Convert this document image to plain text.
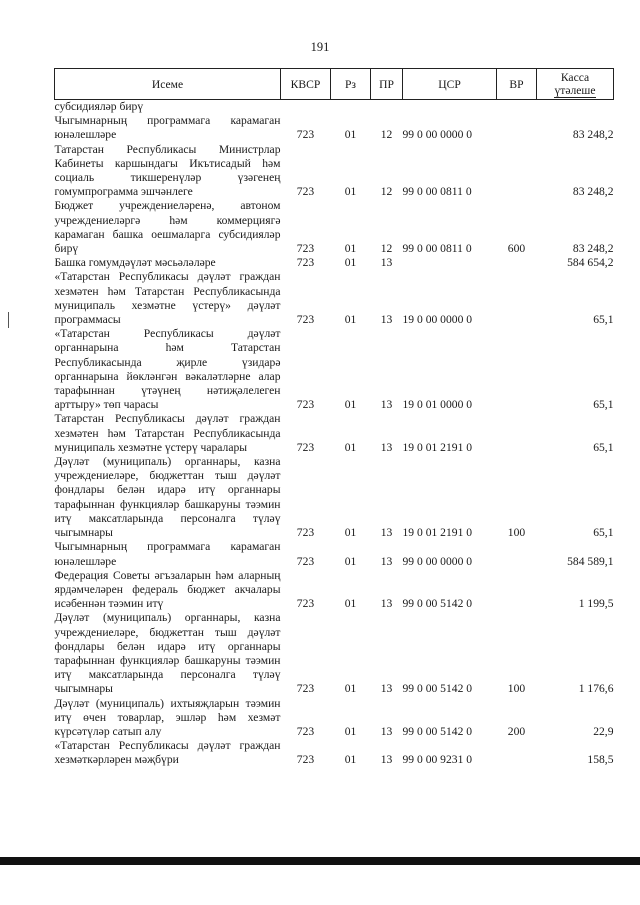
191
Исеме	КВСР	Рз	ПР	ЦСР	ВР	Касса
үтәлеше
субсидияләр бирү						
Чыгымнарның программага карамаган юнәлешләре	723	01	12	99 0 00 0000 0		83 248,2
Татарстан Республикасы Министрлар Кабинеты каршындагы Икътисадый һәм социаль тикшеренүләр үзәгенең гомумпрограмма эшчәнлеге	723	01	12	99 0 00 0811 0		83 248,2
Бюджет учреждениеләренә, автоном учреждениеләргә һәм коммерциягә карамаган башка оешмаларга субсидияләр бирү	723	01	12	99 0 00 0811 0	600	83 248,2
Башка гомумдәүләт мәсьәләләре	723	01	13			584 654,2
«Татарстан Республикасы дәүләт граждан хезмәтен һәм Татарстан Республикасында муниципаль хезмәтне үстерү» дәүләт программасы	723	01	13	19 0 00 0000 0		65,1
«Татарстан Республикасы дәүләт органнарына һәм Татарстан Республикасында җирле үзидарә органнарына йөкләнгән вәкаләтләрне алар тарафыннан үтәүнең нәтиҗәлелеген арттыру» төп чарасы	723	01	13	19 0 01 0000 0		65,1
Татарстан Республикасы дәүләт граждан хезмәтен һәм Татарстан Республикасында муниципаль хезмәтне үстерү чаралары	723	01	13	19 0 01 2191 0		65,1
Дәүләт (муниципаль) органнары, казна учреждениеләре, бюджеттан тыш дәүләт фондлары белән идарә итү органнары тарафыннан функцияләр башкаруны тәэмин итү максатларында персоналга түләү чыгымнары	723	01	13	19 0 01 2191 0	100	65,1
Чыгымнарның программага карамаган юнәлешләре	723	01	13	99 0 00 0000 0		584 589,1
Федерация Советы әгъзаларын һәм аларның ярдәмчеләрен федераль бюджет акчалары исәбеннән тәэмин итү	723	01	13	99 0 00 5142 0		1 199,5
Дәүләт (муниципаль) органнары, казна учреждениеләре, бюджеттан тыш дәүләт фондлары белән идарә итү органнары тарафыннан функцияләр башкаруны тәэмин итү максатларында персоналга түләү чыгымнары	723	01	13	99 0 00 5142 0	100	1 176,6
Дәүләт (муниципаль) ихтыяҗларын тәэмин итү өчен товарлар, эшләр һәм хезмәт күрсәтүләр сатып алу	723	01	13	99 0 00 5142 0	200	22,9
«Татарстан Республикасы дәүләт граждан хезмәткәрләрен мәҗбүри	723	01	13	99 0 00 9231 0		158,5
